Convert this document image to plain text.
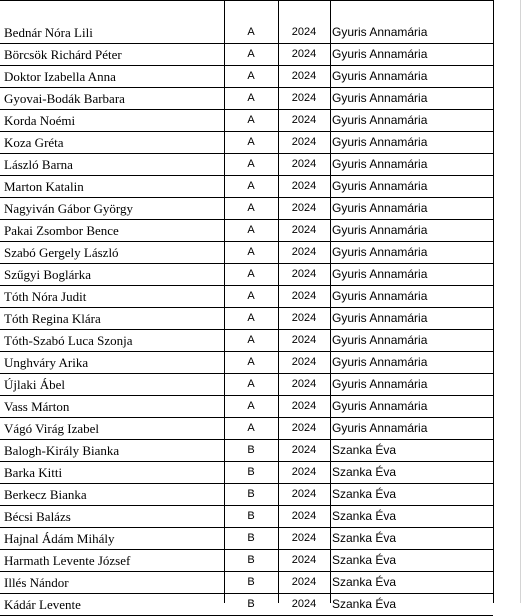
Bednár Nóra Lili	A	2024	Gyuris Annamária
Börcsök Richárd Péter	A	2024	Gyuris Annamária
Doktor Izabella Anna	A	2024	Gyuris Annamária
Gyovai-Bodák Barbara	A	2024	Gyuris Annamária
Korda Noémi	A	2024	Gyuris Annamária
Koza Gréta	A	2024	Gyuris Annamária
László Barna	A	2024	Gyuris Annamária
Marton Katalin	A	2024	Gyuris Annamária
Nagyiván Gábor György	A	2024	Gyuris Annamária
Pakai Zsombor Bence	A	2024	Gyuris Annamária
Szabó Gergely László	A	2024	Gyuris Annamária
Szűgyi Boglárka	A	2024	Gyuris Annamária
Tóth Nóra Judit	A	2024	Gyuris Annamária
Tóth Regina Klára	A	2024	Gyuris Annamária
Tóth-Szabó Luca Szonja	A	2024	Gyuris Annamária
Unghváry Arika	A	2024	Gyuris Annamária
Újlaki Ábel	A	2024	Gyuris Annamária
Vass Márton	A	2024	Gyuris Annamária
Vágó Virág Izabel	A	2024	Gyuris Annamária
Balogh-Király Bianka	B	2024	Szanka Éva
Barka Kitti	B	2024	Szanka Éva
Berkecz Bianka	B	2024	Szanka Éva
Bécsi Balázs	B	2024	Szanka Éva
Hajnal Ádám Mihály	B	2024	Szanka Éva
Harmath Levente József	B	2024	Szanka Éva
Illés Nándor	B	2024	Szanka Éva
Kádár Levente	B	2024	Szanka Éva
